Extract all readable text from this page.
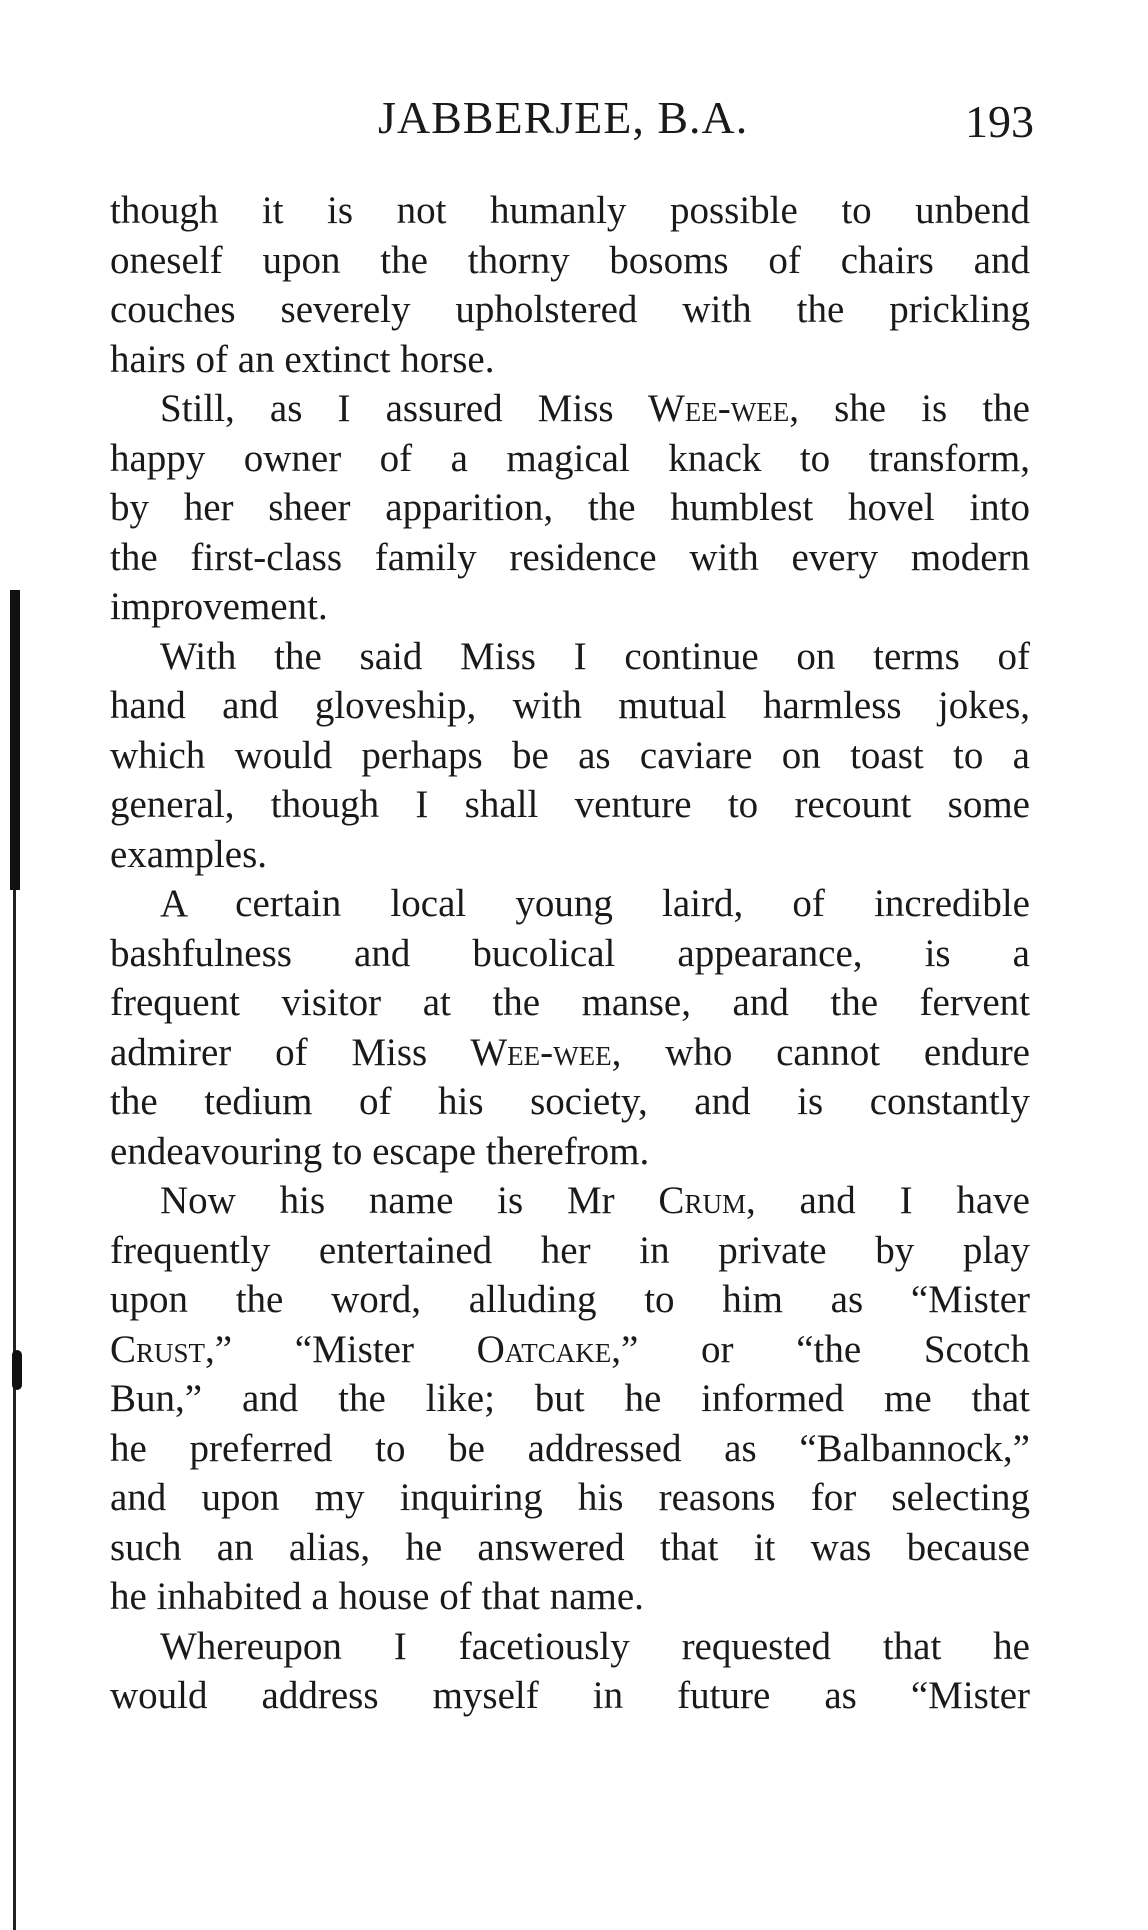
JABBERJEE, B.A.	193

though it is not humanly possible to unbend
oneself upon the thorny bosoms of chairs and
couches severely upholstered with the prickling
hairs of an extinct horse.

Still, as I assured Miss Wee-wee, she is the
happy owner of a magical knack to transform,
by her sheer apparition, the humblest hovel into
the first-class family residence with every modern
improvement.

With the said Miss I continue on terms of
hand and gloveship, with mutual harmless jokes,
which would perhaps be as caviare on toast to a
general, though I shall venture to recount some
examples.

A certain local young laird, of incredible
bashfulness and bucolical appearance, is a
frequent visitor at the manse, and the fervent
admirer of Miss Wee-wee, who cannot endure
the tedium of his society, and is constantly
endeavouring to escape therefrom.

Now his name is Mr Crum, and I have
frequently entertained her in private by play
upon the word, alluding to him as “Mister
Crust,” “Mister Oatcake,” or “the Scotch
Bun,” and the like; but he informed me that
he preferred to be addressed as “Balbannock,”
and upon my inquiring his reasons for selecting
such an alias, he answered that it was because
he inhabited a house of that name.

Whereupon I facetiously requested that he
would address myself in future as “Mister
